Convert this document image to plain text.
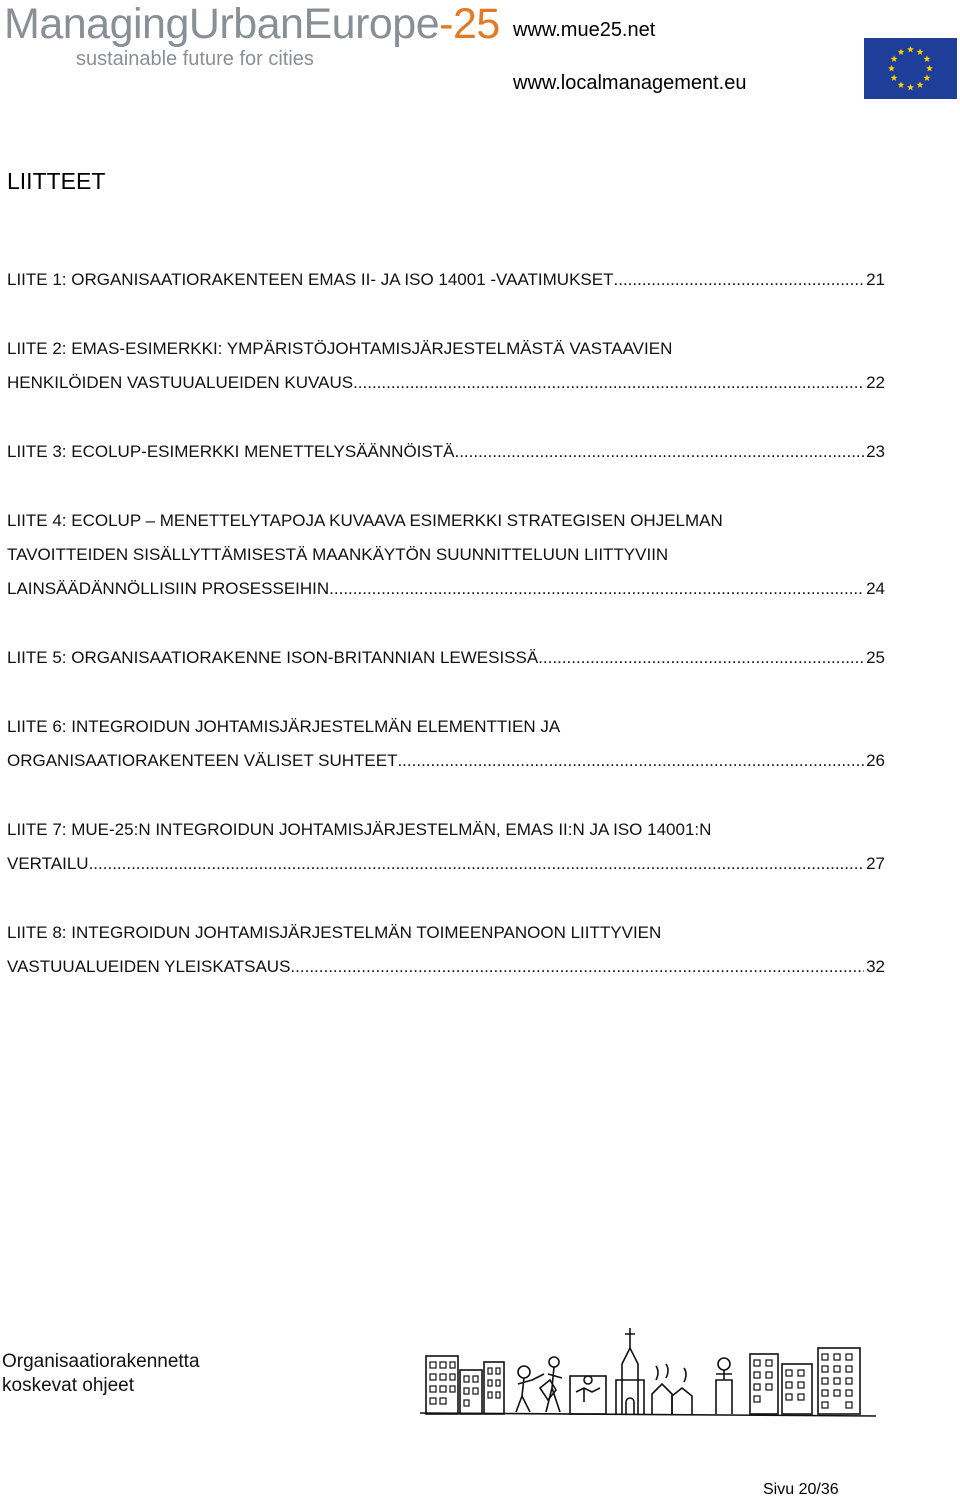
ManagingUrbanEurope-25
sustainable future for cities
www.mue25.net
www.localmanagement.eu
LIITTEET
LIITE 1: ORGANISAATIORAKENTEEN EMAS II- JA ISO 14001 -VAATIMUKSET .....	21
LIITE 2: EMAS-ESIMERKKI: YMPÄRISTÖJOHTAMISJÄRJESTELMÄSTÄ VASTAAVIEN
HENKILÖIDEN VASTUUALUEIDEN KUVAUS .....	22
LIITE 3: ECOLUP-ESIMERKKI MENETTELYSÄÄNNÖISTÄ .....	23
LIITE 4: ECOLUP – MENETTELYTAPOJA KUVAAVA ESIMERKKI STRATEGISEN OHJELMAN
TAVOITTEIDEN SISÄLLYTTÄMISESTÄ MAANKÄYTÖN SUUNNITTELUUN LIITTYVIIN
LAINSÄÄDÄNNÖLLISIIN PROSESSEIHIN .....	24
LIITE 5: ORGANISAATIORAKENNE ISON-BRITANNIAN LEWESISSÄ .....	25
LIITE 6: INTEGROIDUN JOHTAMISJÄRJESTELMÄN ELEMENTTIEN JA
ORGANISAATIORAKENTEEN VÄLISET SUHTEET .....	26
LIITE 7: MUE-25:N INTEGROIDUN JOHTAMISJÄRJESTELMÄN, EMAS II:N JA ISO 14001:N
VERTAILU .....	27
LIITE 8: INTEGROIDUN JOHTAMISJÄRJESTELMÄN TOIMEENPANOON LIITTYVIEN
VASTUUALUEIDEN YLEISKATSAUS .....	32
Organisaatiorakennetta
koskevat ohjeet
Sivu 20/36
